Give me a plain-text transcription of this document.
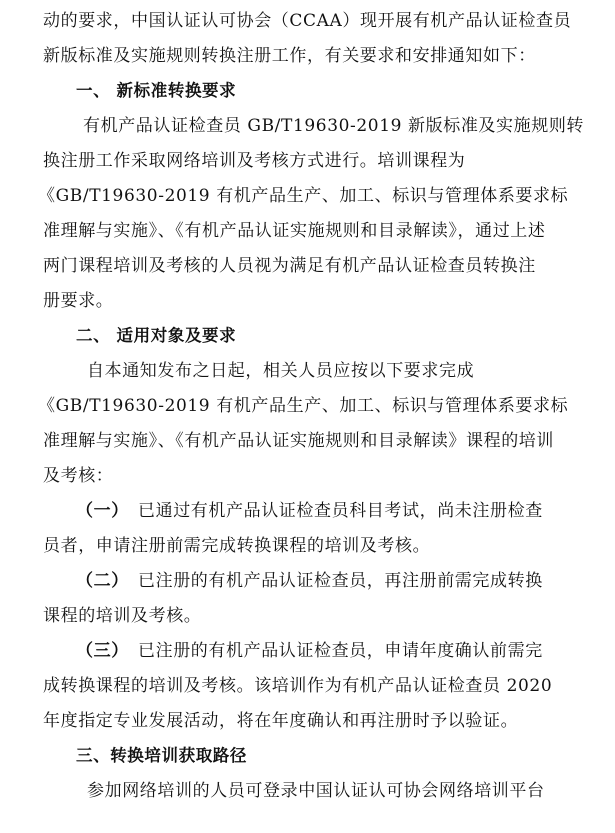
动的要求，中国认证认可协会（CCAA）现开展有机产品认证检查员
新版标准及实施规则转换注册工作，有关要求和安排通知如下：
一、 新标准转换要求
有机产品认证检查员 GB/T19630-2019 新版标准及实施规则转
换注册工作采取网络培训及考核方式进行。培训课程为
《GB/T19630-2019 有机产品生产、加工、标识与管理体系要求标
准理解与实施》、《有机产品认证实施规则和目录解读》，通过上述
两门课程培训及考核的人员视为满足有机产品认证检查员转换注
册要求。
二、 适用对象及要求
自本通知发布之日起，相关人员应按以下要求完成
《GB/T19630-2019 有机产品生产、加工、标识与管理体系要求标
准理解与实施》、《有机产品认证实施规则和目录解读》课程的培训
及考核：
（一） 已通过有机产品认证检查员科目考试，尚未注册检查
员者，申请注册前需完成转换课程的培训及考核。
（二） 已注册的有机产品认证检查员，再注册前需完成转换
课程的培训及考核。
（三） 已注册的有机产品认证检查员，申请年度确认前需完
成转换课程的培训及考核。该培训作为有机产品认证检查员 2020
年度指定专业发展活动，将在年度确认和再注册时予以验证。
三、转换培训获取路径
参加网络培训的人员可登录中国认证认可协会网络培训平台
